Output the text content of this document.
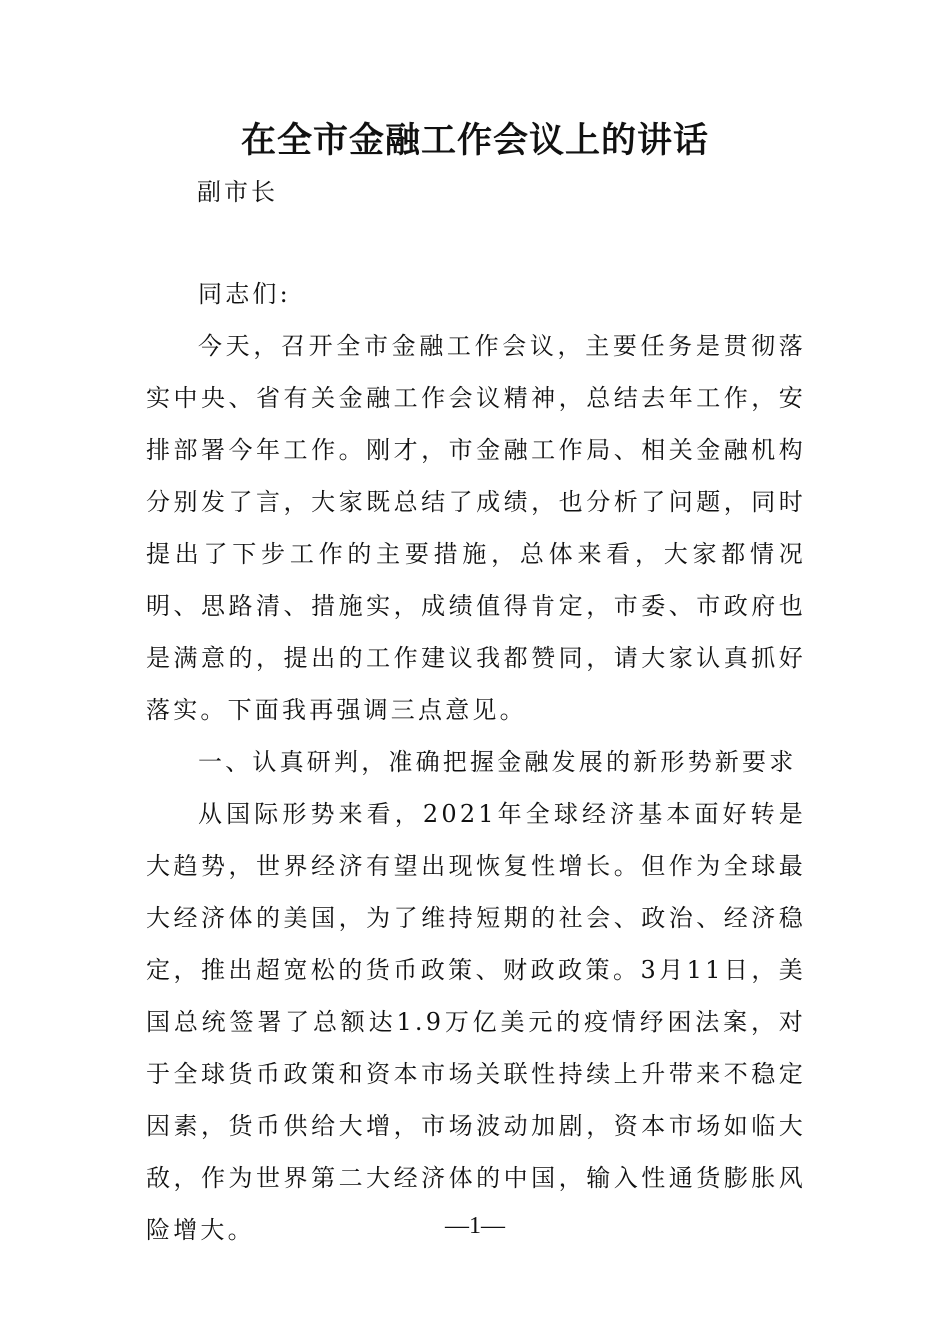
在全市金融工作会议上的讲话

副市长

同志们:

今天，召开全市金融工作会议，主要任务是贯彻落实中央、省有关金融工作会议精神，总结去年工作，安排部署今年工作。刚才，市金融工作局、相关金融机构分别发了言，大家既总结了成绩，也分析了问题，同时提出了下步工作的主要措施，总体来看，大家都情况明、思路清、措施实，成绩值得肯定，市委、市政府也是满意的，提出的工作建议我都赞同，请大家认真抓好落实。下面我再强调三点意见。

一、认真研判，准确把握金融发展的新形势新要求

从国际形势来看，2021年全球经济基本面好转是大趋势，世界经济有望出现恢复性增长。但作为全球最大经济体的美国，为了维持短期的社会、政治、经济稳定，推出超宽松的货币政策、财政政策。3月11日，美国总统签署了总额达1.9万亿美元的疫情纾困法案，对于全球货币政策和资本市场关联性持续上升带来不稳定因素，货币供给大增，市场波动加剧，资本市场如临大敌，作为世界第二大经济体的中国，输入性通货膨胀风险增大。	—1—
